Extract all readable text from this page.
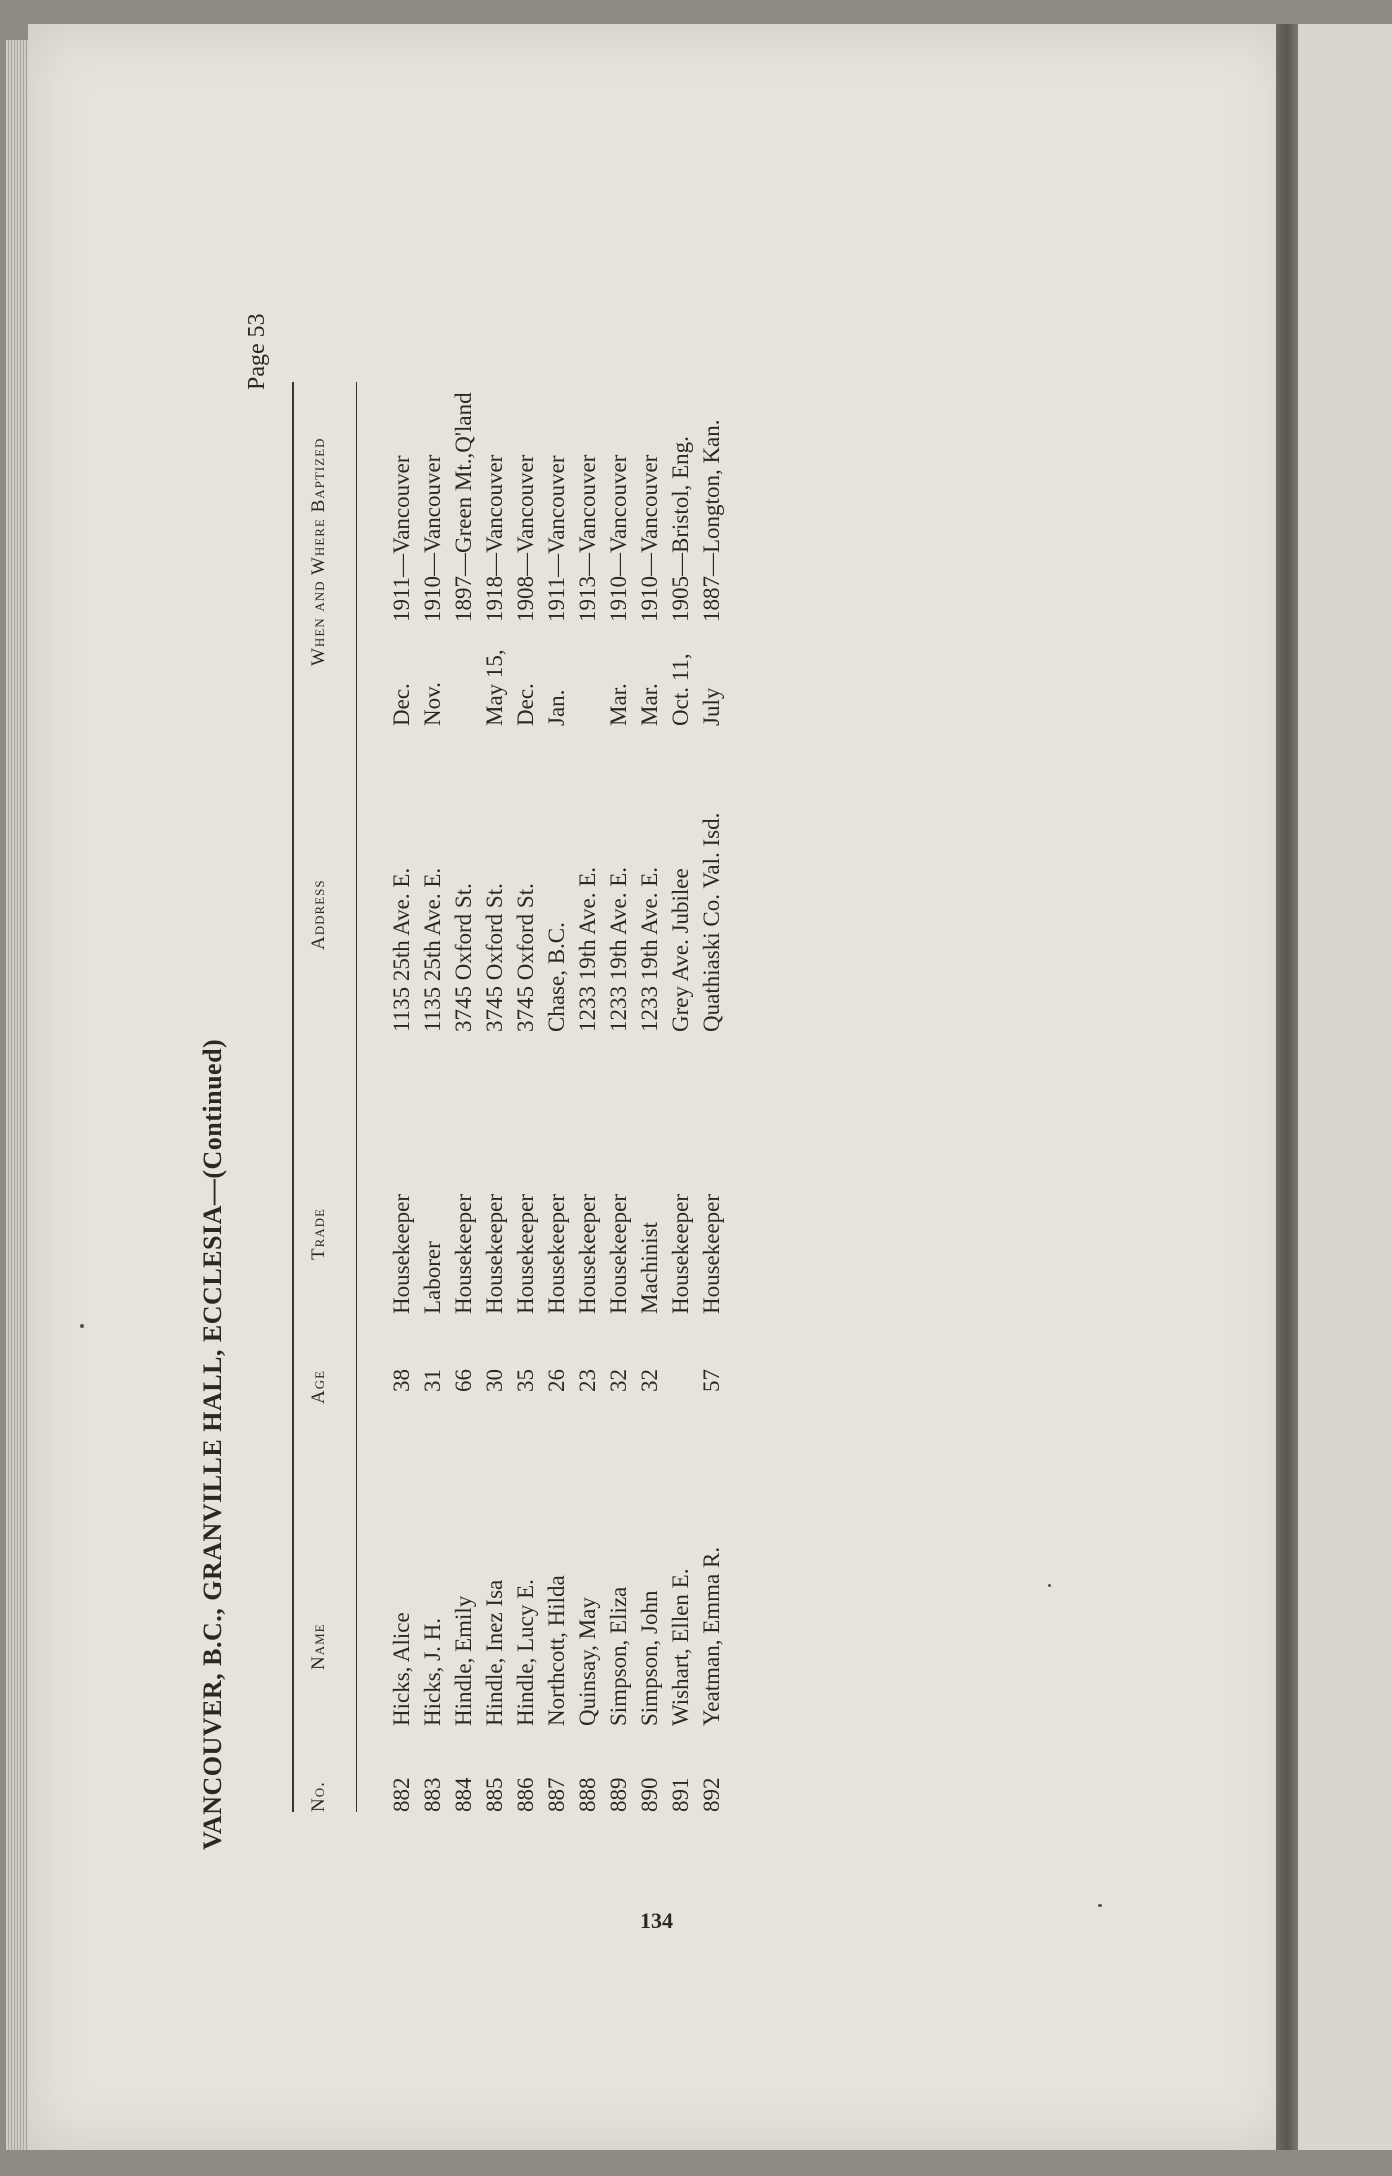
VANCOUVER, B.C., GRANVILLE HALL, ECCLESIA—(Continued)
Page 53
No.
Name
Age
Trade
Address
When and Where Baptized
882
Hicks, Alice
38
Housekeeper
1135 25th Ave. E.
Dec.
1911—Vancouver
883
Hicks, J. H.
31
Laborer
1135 25th Ave. E.
Nov.
1910—Vancouver
884
Hindle, Emily
66
Housekeeper
3745 Oxford St.
1897—Green Mt.,Q'land
885
Hindle, Inez Isa
30
Housekeeper
3745 Oxford St.
May 15,
1918—Vancouver
886
Hindle, Lucy E.
35
Housekeeper
3745 Oxford St.
Dec.
1908—Vancouver
887
Northcott, Hilda
26
Housekeeper
Chase, B.C.
Jan.
1911—Vancouver
888
Quinsay, May
23
Housekeeper
1233 19th Ave. E.
1913—Vancouver
889
Simpson, Eliza
32
Housekeeper
1233 19th Ave. E.
Mar.
1910—Vancouver
890
Simpson, John
32
Machinist
1233 19th Ave. E.
Mar.
1910—Vancouver
891
Wishart, Ellen E.
Housekeeper
Grey Ave. Jubilee
Oct. 11,
1905—Bristol, Eng.
892
Yeatman, Emma R.
57
Housekeeper
Quathiaski Co. Val. Isd.
July
1887—Longton, Kan.
134
